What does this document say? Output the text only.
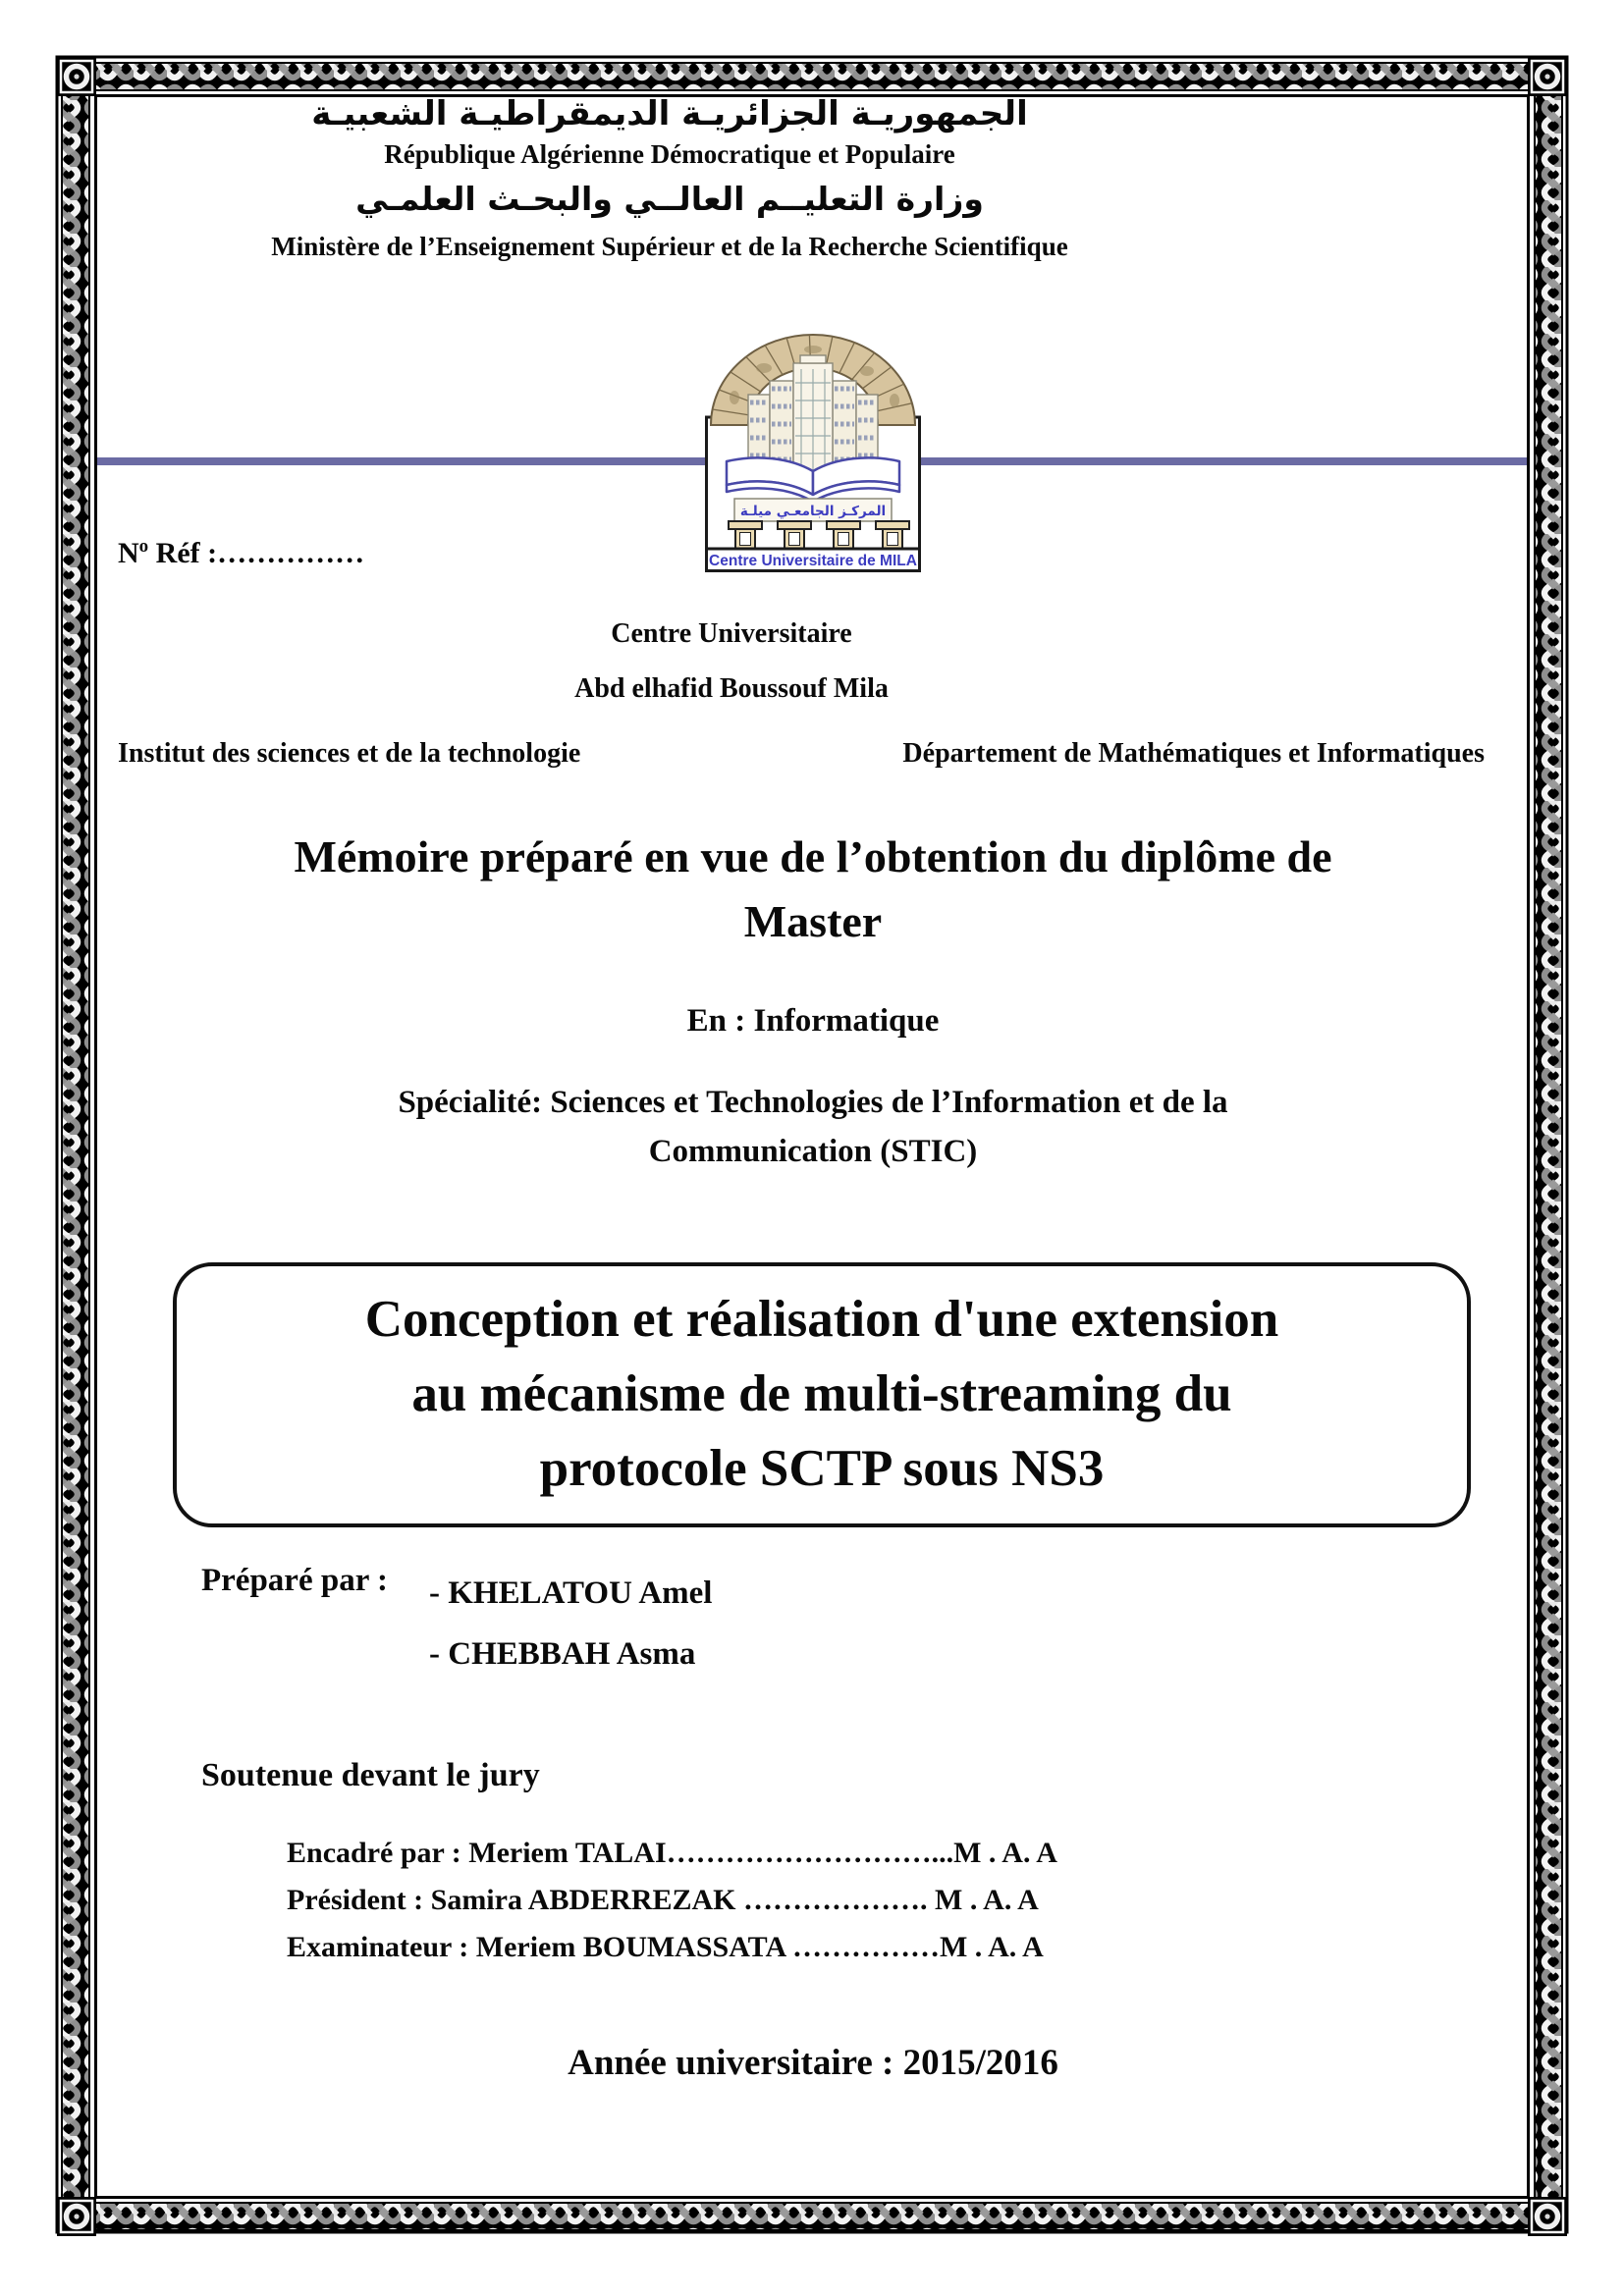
الجمهوريـة الجزائريـة الديمقراطيـة الشعبيـة
République Algérienne Démocratique et Populaire
وزارة التعليــم العالــي والبحـث العلمـي
Ministère de l’Enseignement Supérieur et de la Recherche Scientifique
المركـز الجامعـي ميلـة
Centre Universitaire de MILA
$N^o$ Réf :……………
Centre Universitaire
Abd elhafid Boussouf Mila
Institut des sciences et de la technologie	Département de Mathématiques et Informatiques
Mémoire préparé en vue de l’obtention du diplôme de
Master
En : Informatique
Spécialité: Sciences et Technologies de l’Information et de la
Communication (STIC)
Conception et réalisation d'une extension
au mécanisme de multi-streaming du
protocole SCTP sous NS3
Préparé par : - KHELATOU Amel
- CHEBBAH Asma
Soutenue devant le jury
Encadré par : Meriem TALAI………………………...M . A. A
Président : Samira ABDERREZAK ………………. M . A. A
Examinateur : Meriem BOUMASSATA ……………M . A. A
Année universitaire : 2015/2016
